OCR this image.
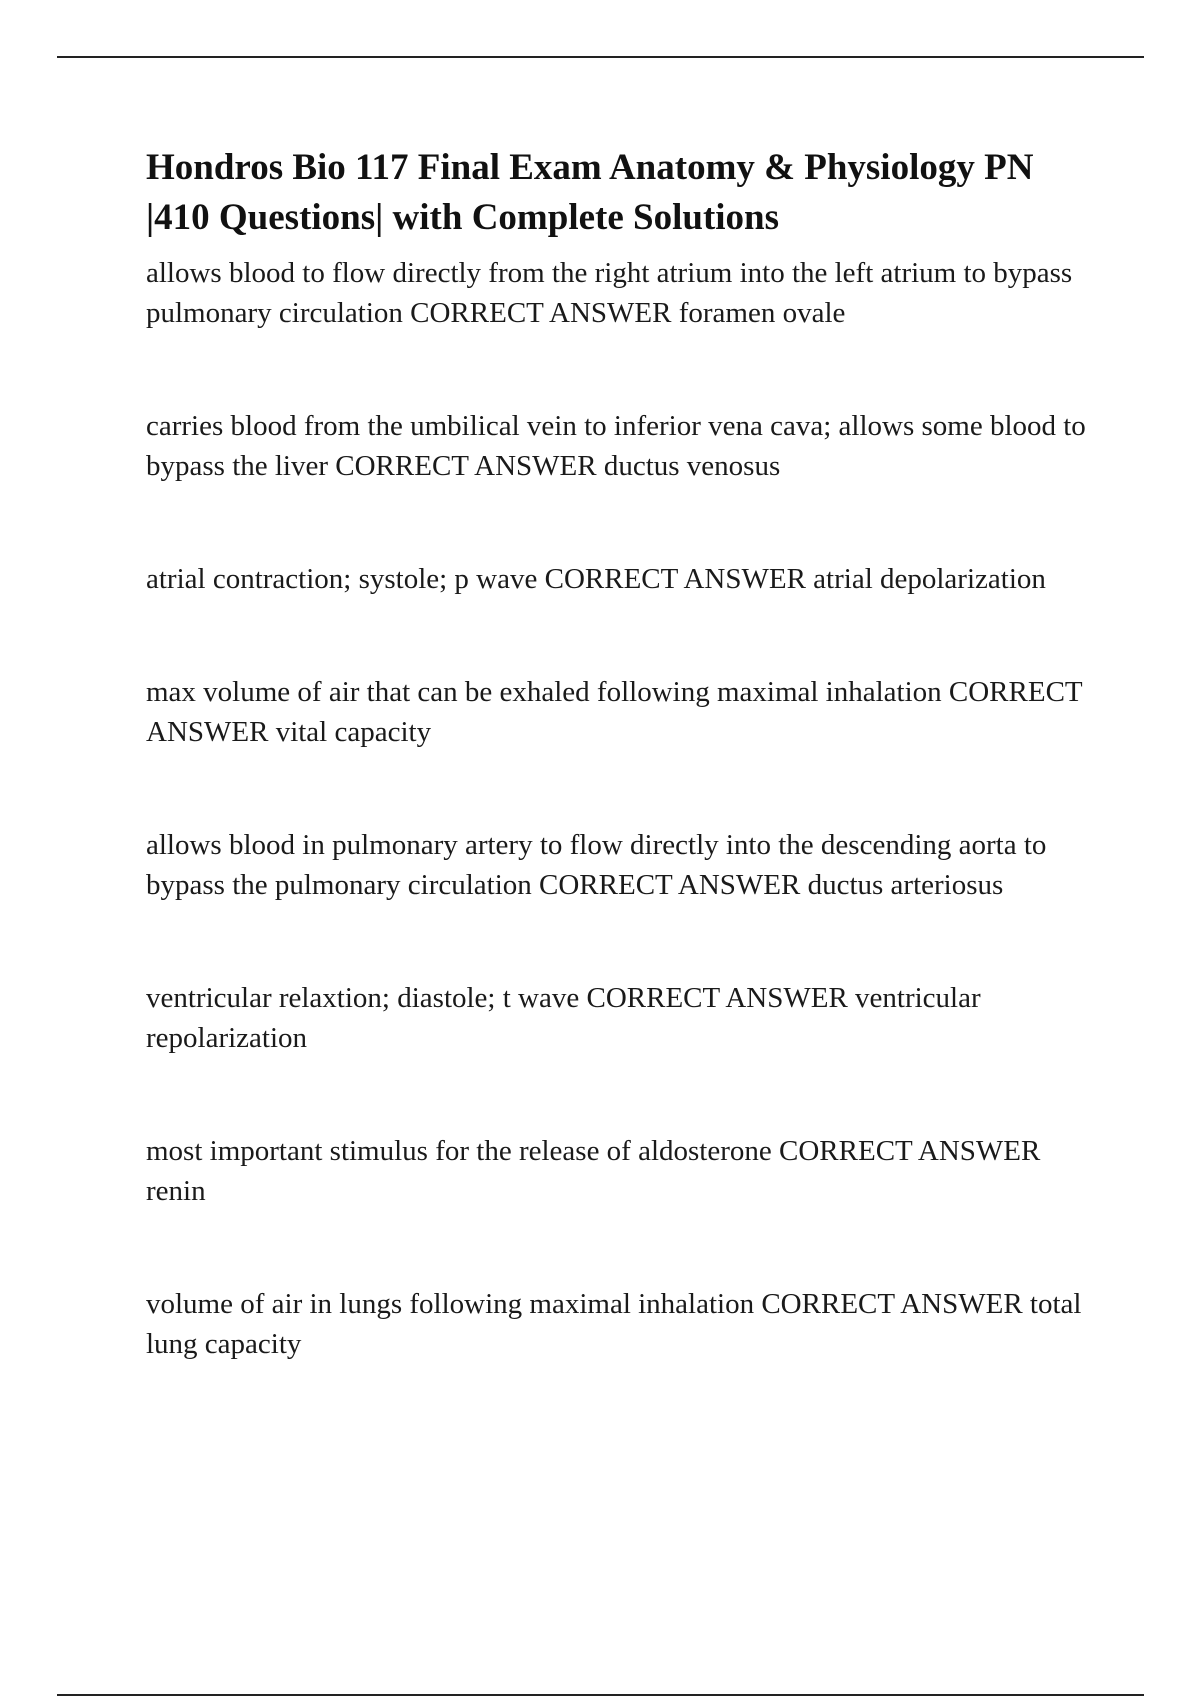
Hondros Bio 117 Final Exam Anatomy & Physiology PN |410 Questions| with Complete Solutions
allows blood to flow directly from the right atrium into the left atrium to bypass pulmonary circulation CORRECT ANSWER foramen ovale
carries blood from the umbilical vein to inferior vena cava; allows some blood to bypass the liver CORRECT ANSWER ductus venosus
atrial contraction; systole; p wave CORRECT ANSWER atrial depolarization
max volume of air that can be exhaled following maximal inhalation CORRECT ANSWER vital capacity
allows blood in pulmonary artery to flow directly into the descending aorta to bypass the pulmonary circulation CORRECT ANSWER ductus arteriosus
ventricular relaxtion; diastole; t wave CORRECT ANSWER ventricular repolarization
most important stimulus for the release of aldosterone CORRECT ANSWER renin
volume of air in lungs following maximal inhalation CORRECT ANSWER total lung capacity
